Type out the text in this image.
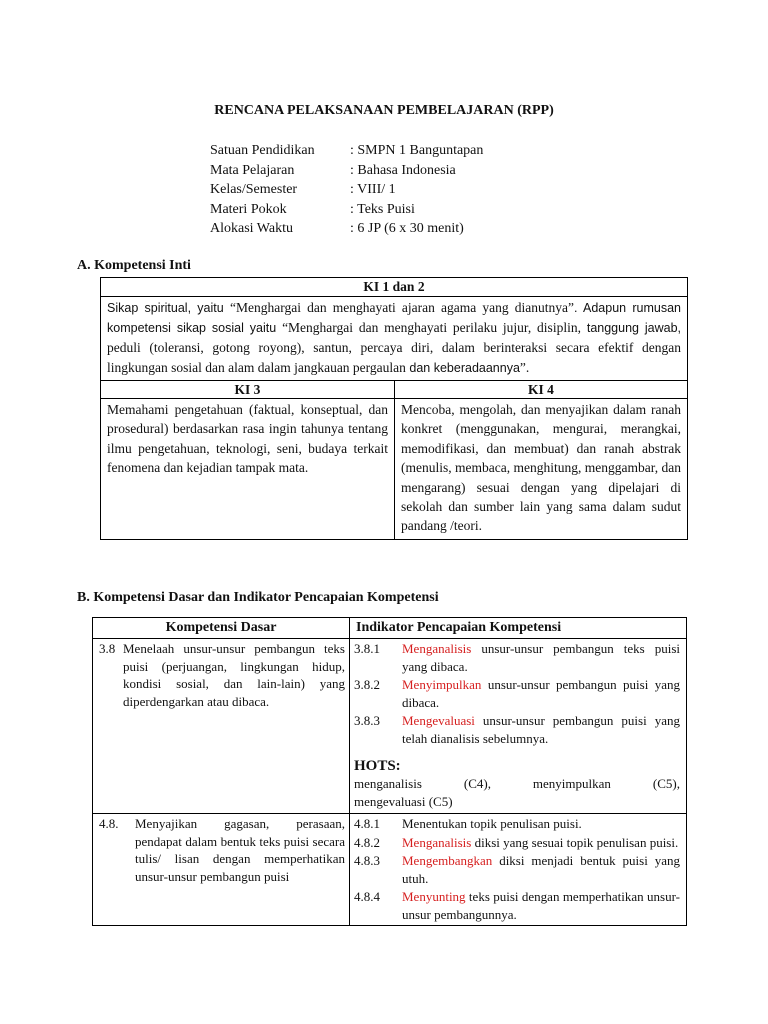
RENCANA PELAKSANAAN PEMBELAJARAN (RPP)
Satuan Pendidikan	: SMPN 1 Banguntapan
Mata Pelajaran	: Bahasa Indonesia
Kelas/Semester	: VIII/ 1
Materi Pokok	: Teks Puisi
Alokasi Waktu	: 6 JP (6 x 30 menit)
A. Kompetensi Inti
KI 1 dan 2
Sikap spiritual, yaitu “Menghargai dan menghayati ajaran agama yang dianutnya”. Adapun rumusan kompetensi sikap sosial yaitu “Menghargai dan menghayati perilaku jujur, disiplin, tanggung jawab, peduli (toleransi, gotong royong), santun, percaya diri, dalam berinteraksi secara efektif dengan lingkungan sosial dan alam dalam jangkauan pergaulan dan keberadaannya”.
KI 3
Memahami pengetahuan (faktual, konseptual, dan prosedural) berdasarkan rasa ingin tahunya tentang ilmu pengetahuan, teknologi, seni, budaya terkait fenomena dan kejadian tampak mata.
KI 4
Mencoba, mengolah, dan menyajikan dalam ranah konkret (menggunakan, mengurai, merangkai, memodifikasi, dan membuat) dan ranah abstrak (menulis, membaca, menghitung, menggambar, dan mengarang) sesuai dengan yang dipelajari di sekolah dan sumber lain yang sama dalam sudut pandang /teori.
B. Kompetensi Dasar dan Indikator Pencapaian Kompetensi
Kompetensi Dasar	Indikator Pencapaian Kompetensi
3.8 Menelaah unsur-unsur pembangun teks puisi (perjuangan, lingkungan hidup, kondisi sosial, dan lain-lain) yang diperdengarkan atau dibaca.
3.8.1	Menganalisis unsur-unsur pembangun teks puisi yang dibaca.
3.8.2	Menyimpulkan unsur-unsur pembangun puisi yang dibaca.
3.8.3	Mengevaluasi unsur-unsur pembangun puisi yang telah dianalisis sebelumnya.
HOTS:
menganalisis	(C4),	menyimpulkan	(C5),
mengevaluasi (C5)
4.8.	Menyajikan gagasan, perasaan, pendapat dalam bentuk teks puisi secara tulis/ lisan dengan memperhatikan unsur-unsur pembangun puisi
4.8.1	Menentukan topik penulisan puisi.
4.8.2	Menganalisis diksi yang sesuai topik penulisan puisi.
4.8.3	Mengembangkan diksi menjadi bentuk puisi yang utuh.
4.8.4	Menyunting teks puisi dengan memperhatikan unsur-unsur pembangunnya.
